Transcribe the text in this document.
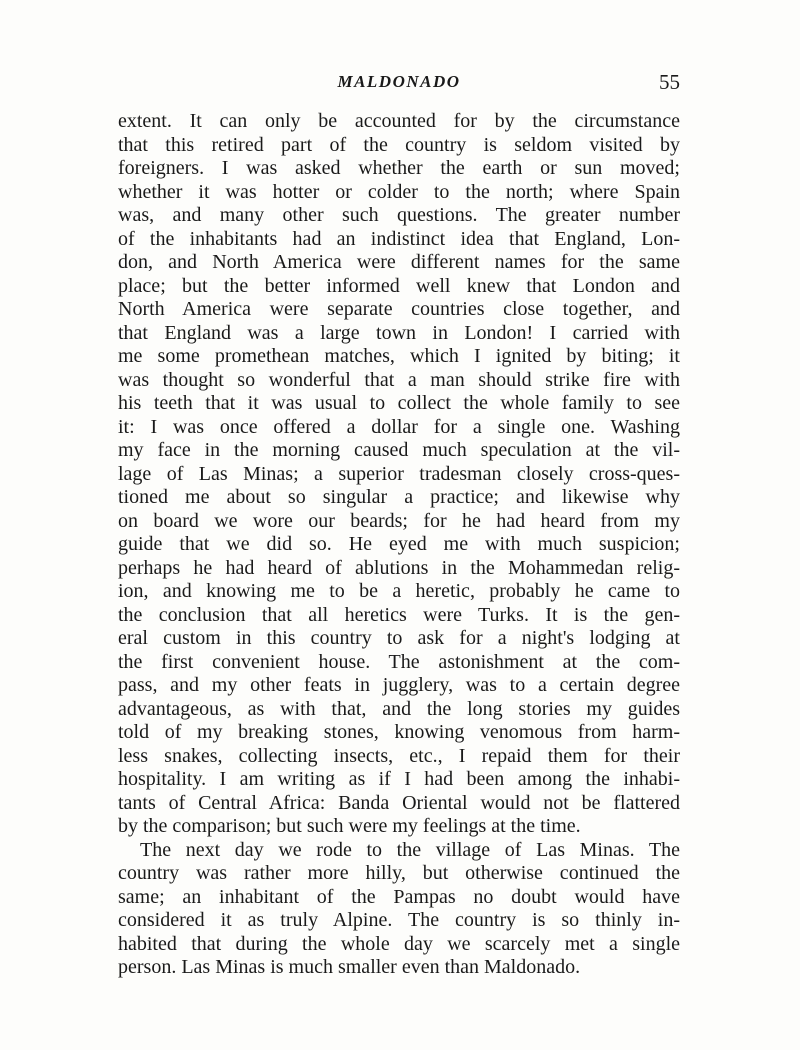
MALDONADO	55
extent. It can only be accounted for by the circumstance
that this retired part of the country is seldom visited by
foreigners. I was asked whether the earth or sun moved;
whether it was hotter or colder to the north; where Spain
was, and many other such questions. The greater number
of the inhabitants had an indistinct idea that England, Lon-
don, and North America were different names for the same
place; but the better informed well knew that London and
North America were separate countries close together, and
that England was a large town in London! I carried with
me some promethean matches, which I ignited by biting; it
was thought so wonderful that a man should strike fire with
his teeth that it was usual to collect the whole family to see
it: I was once offered a dollar for a single one. Washing
my face in the morning caused much speculation at the vil-
lage of Las Minas; a superior tradesman closely cross-ques-
tioned me about so singular a practice; and likewise why
on board we wore our beards; for he had heard from my
guide that we did so. He eyed me with much suspicion;
perhaps he had heard of ablutions in the Mohammedan relig-
ion, and knowing me to be a heretic, probably he came to
the conclusion that all heretics were Turks. It is the gen-
eral custom in this country to ask for a night's lodging at
the first convenient house. The astonishment at the com-
pass, and my other feats in jugglery, was to a certain degree
advantageous, as with that, and the long stories my guides
told of my breaking stones, knowing venomous from harm-
less snakes, collecting insects, etc., I repaid them for their
hospitality. I am writing as if I had been among the inhabi-
tants of Central Africa: Banda Oriental would not be flattered
by the comparison; but such were my feelings at the time.
The next day we rode to the village of Las Minas. The
country was rather more hilly, but otherwise continued the
same; an inhabitant of the Pampas no doubt would have
considered it as truly Alpine. The country is so thinly in-
habited that during the whole day we scarcely met a single
person. Las Minas is much smaller even than Maldonado.
